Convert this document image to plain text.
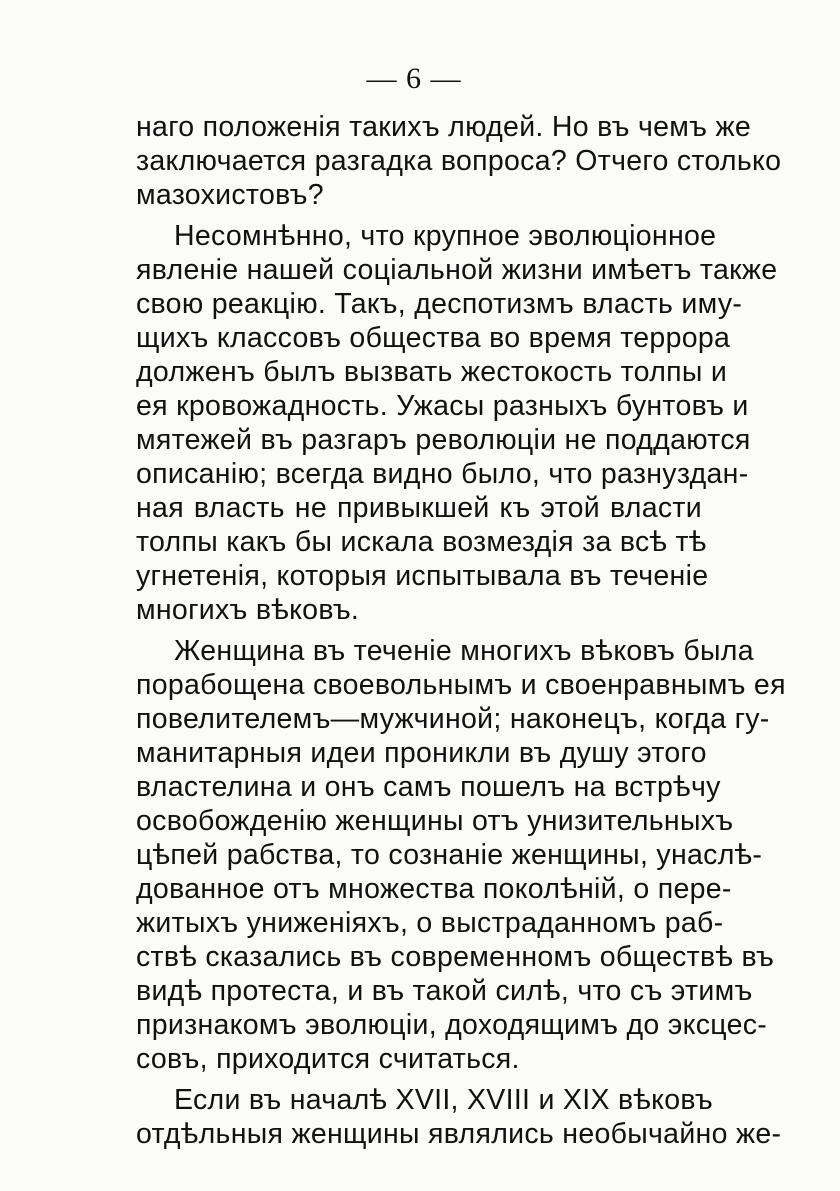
— 6 —
наго положенія такихъ людей. Но въ чемъ же
заключается разгадка вопроса? Отчего столько
мазохистовъ?
Несомнѣнно, что крупное эволюціонное
явленіе нашей соціальной жизни имѣетъ также
свою реакцію. Такъ, деспотизмъ власть иму-
щихъ классовъ общества во время террора
долженъ былъ вызвать жестокость толпы и
ея кровожадность. Ужасы разныхъ бунтовъ и
мятежей въ разгаръ революціи не поддаются
описанію; всегда видно было, что разнуздан-
ная власть не привыкшей къ этой власти
толпы какъ бы искала возмездія за всѣ тѣ
угнетенія, которыя испытывала въ теченіе
многихъ вѣковъ.
Женщина въ теченіе многихъ вѣковъ была
порабощена своевольнымъ и своенравнымъ ея
повелителемъ—мужчиной; наконецъ, когда гу-
манитарныя идеи проникли въ душу этого
властелина и онъ самъ пошелъ на встрѣчу
освобожденію женщины отъ унизительныхъ
цѣпей рабства, то сознаніе женщины, унаслѣ-
дованное отъ множества поколѣній, о пере-
житыхъ униженіяхъ, о выстраданномъ раб-
ствѣ сказались въ современномъ обществѣ въ
видѣ протеста, и въ такой силѣ, что съ этимъ
признакомъ эволюціи, доходящимъ до эксцес-
совъ, приходится считаться.
Если въ началѣ XVII, XVIII и XIX вѣковъ
отдѣльныя женщины являлись необычайно же-
